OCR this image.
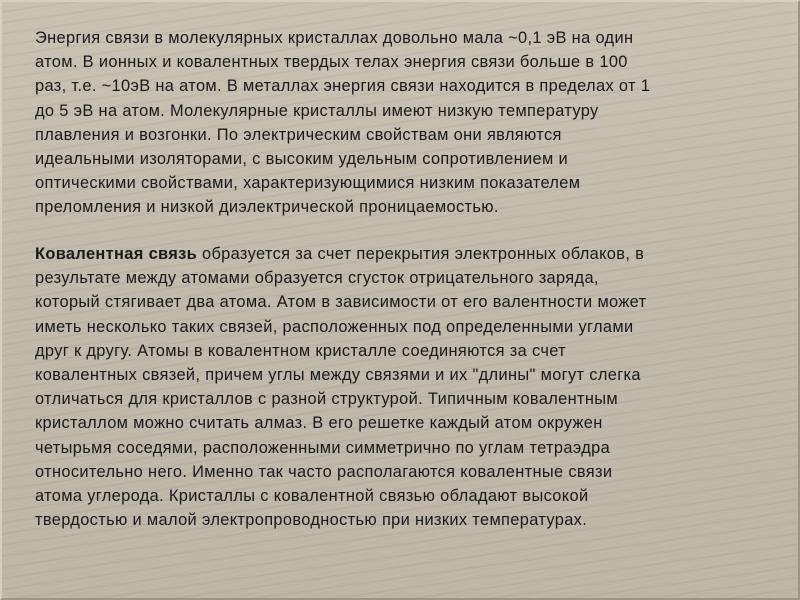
Энергия связи в молекулярных кристаллах довольно мала ~0,1 эВ на один
атом. В ионных и ковалентных твердых телах энергия связи больше в 100
раз, т.е. ~10эВ на атом. В металлах энергия связи находится в пределах от 1
до 5 эВ на атом. Молекулярные кристаллы имеют низкую температуру
плавления и возгонки. По электрическим свойствам они являются
идеальными изоляторами, с высоким удельным сопротивлением и
оптическими свойствами, характеризующимися низким показателем
преломления и низкой диэлектрической проницаемостью.
Ковалентная связь образуется за счет перекрытия электронных облаков, в
результате между атомами образуется сгусток отрицательного заряда,
который стягивает два атома. Атом в зависимости от его валентности может
иметь несколько таких связей, расположенных под определенными углами
друг к другу. Атомы в ковалентном кристалле соединяются за счет
ковалентных связей, причем углы между связями и их "длины" могут слегка
отличаться для кристаллов с разной структурой. Типичным ковалентным
кристаллом можно считать алмаз. В его решетке каждый атом окружен
четырьмя соседями, расположенными симметрично по углам тетраэдра
относительно него. Именно так часто располагаются ковалентные связи
атома углерода. Кристаллы с ковалентной связью обладают высокой
твердостью и малой электропроводностью при низких температурах.
